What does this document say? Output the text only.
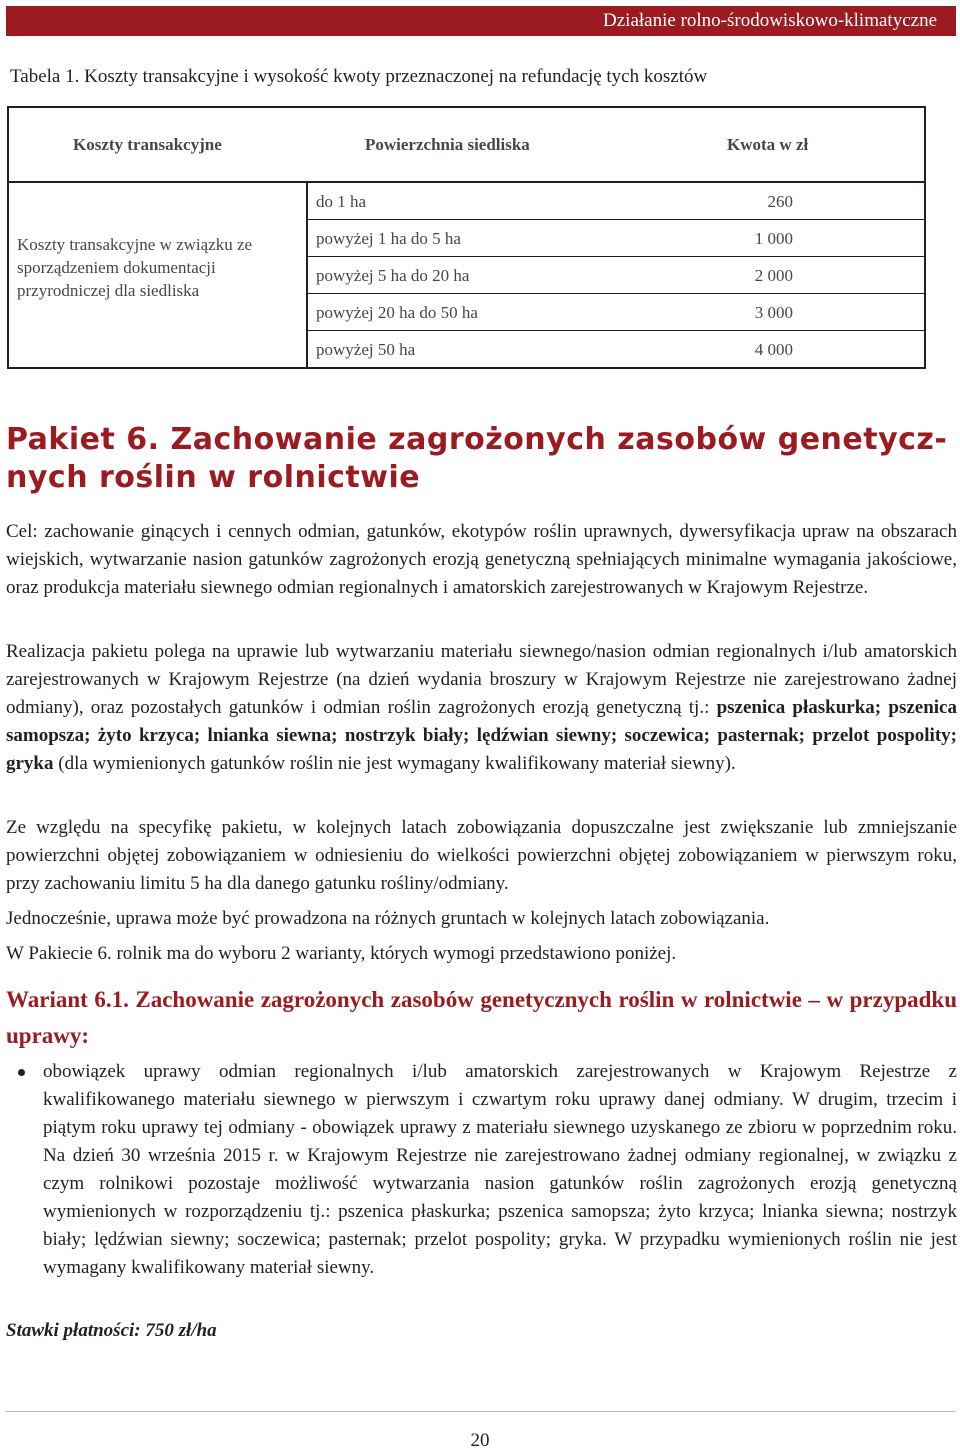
Działanie rolno-środowiskowo-klimatyczne
Tabela 1. Koszty transakcyjne i wysokość kwoty przeznaczonej na refundację tych kosztów
Koszty transakcyjne	Powierzchnia siedliska	Kwota w zł
Koszty transakcyjne w związku ze sporządzeniem dokumentacji przyrodniczej dla siedliska
do 1 ha	260
powyżej 1 ha do 5 ha	1 000
powyżej 5 ha do 20 ha	2 000
powyżej 20 ha do 50 ha	3 000
powyżej 50 ha	4 000
Pakiet 6. Zachowanie zagrożonych zasobów genetycz-
nych roślin w rolnictwie

Cel: zachowanie ginących i cennych odmian, gatunków, ekotypów roślin uprawnych, dywersyfikacja upraw na obszarach wiejskich, wytwarzanie nasion gatunków zagrożonych erozją genetyczną spełniających minimalne wymagania jakościowe, oraz produkcja materiału siewnego odmian regionalnych i amatorskich zarejestrowanych w Krajowym Rejestrze.

Realizacja pakietu polega na uprawie lub wytwarzaniu materiału siewnego/nasion odmian regionalnych i/lub amatorskich zarejestrowanych w Krajowym Rejestrze (na dzień wydania broszury w Krajowym Rejestrze nie zarejestrowano żadnej odmiany), oraz pozostałych gatunków i odmian roślin zagrożonych erozją genetyczną tj.: pszenica płaskurka; pszenica samopsza; żyto krzyca; lnianka siewna; nostrzyk biały; lędźwian siewny; soczewica; pasternak; przelot pospolity; gryka (dla wymienionych gatunków roślin nie jest wymagany kwalifikowany materiał siewny).

Ze względu na specyfikę pakietu, w kolejnych latach zobowiązania dopuszczalne jest zwiększanie lub zmniejszanie powierzchni objętej zobowiązaniem w odniesieniu do wielkości powierzchni objętej zobowiązaniem w pierwszym roku, przy zachowaniu limitu 5 ha dla danego gatunku rośliny/odmiany.

Jednocześnie, uprawa może być prowadzona na różnych gruntach w kolejnych latach zobowiązania.

W Pakiecie 6. rolnik ma do wyboru 2 warianty, których wymogi przedstawiono poniżej.

Wariant 6.1. Zachowanie zagrożonych zasobów genetycznych roślin w rolnictwie – w przypadku uprawy:
obowiązek uprawy odmian regionalnych i/lub amatorskich zarejestrowanych w Krajowym Rejestrze z kwalifikowanego materiału siewnego w pierwszym i czwartym roku uprawy danej odmiany. W drugim, trzecim i piątym roku uprawy tej odmiany - obowiązek uprawy z materiału siewnego uzyskanego ze zbioru w poprzednim roku. Na dzień 30 września 2015 r. w Krajowym Rejestrze nie zarejestrowano żadnej odmiany regionalnej, w związku z czym rolnikowi pozostaje możliwość wytwarzania nasion gatunków roślin zagrożonych erozją genetyczną wymienionych w rozporządzeniu tj.: pszenica płaskurka; pszenica samopsza; żyto krzyca; lnianka siewna; nostrzyk biały; lędźwian siewny; soczewica; pasternak; przelot pospolity; gryka. W przypadku wymienionych roślin nie jest wymagany kwalifikowany materiał siewny.
Stawki płatności: 750 zł/ha
20
